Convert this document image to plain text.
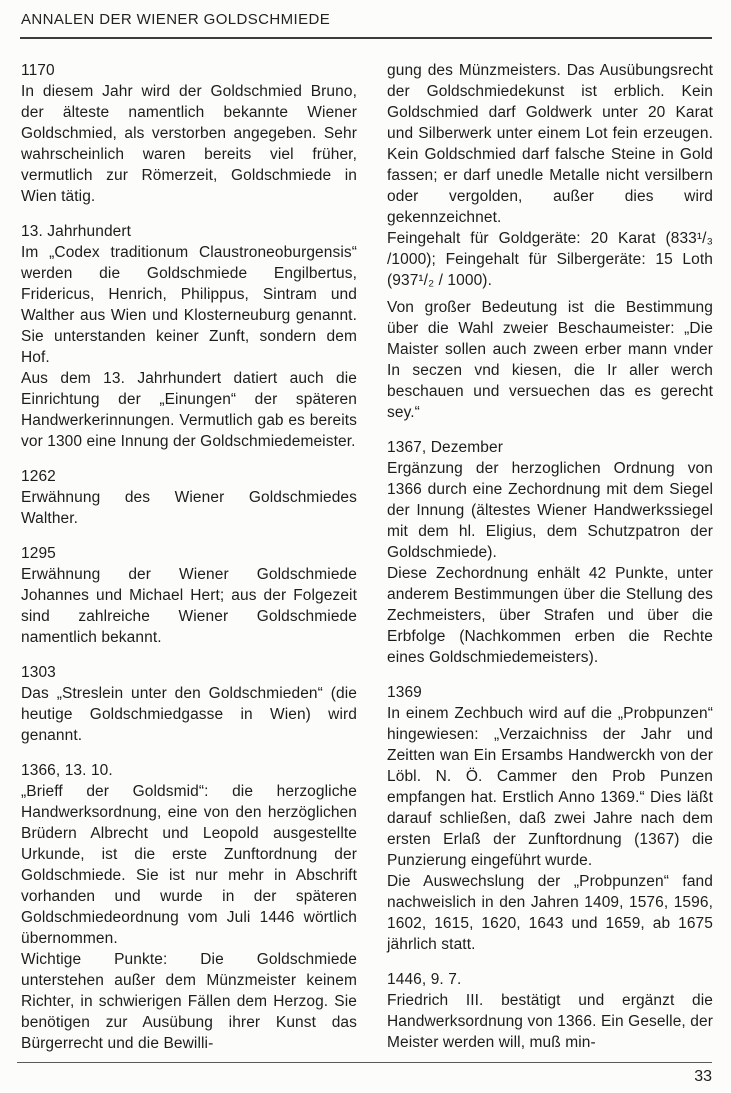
ANNALEN DER WIENER GOLDSCHMIEDE
1170

In diesem Jahr wird der Goldschmied Bruno, der älteste namentlich bekannte Wiener Goldschmied, als verstorben angegeben. Sehr wahrscheinlich waren bereits viel früher, vermutlich zur Römerzeit, Goldschmiede in Wien tätig.

13. Jahrhundert

Im „Codex traditionum Claustroneoburgensis“ werden die Goldschmiede Engilbertus, Fridericus, Henrich, Philippus, Sintram und Walther aus Wien und Klosterneuburg genannt. Sie unterstanden keiner Zunft, sondern dem Hof.

Aus dem 13. Jahrhundert datiert auch die Einrichtung der „Einungen“ der späteren Handwerkerinnungen. Vermutlich gab es bereits vor 1300 eine Innung der Goldschmiedemeister.

1262

Erwähnung des Wiener Goldschmiedes Walther.

1295

Erwähnung der Wiener Goldschmiede Johannes und Michael Hert; aus der Folgezeit sind zahlreiche Wiener Goldschmiede namentlich bekannt.

1303

Das „Streslein unter den Goldschmieden“ (die heutige Goldschmiedgasse in Wien) wird genannt.

1366, 13. 10.

„Brieff der Goldsmid“: die herzogliche Handwerksordnung, eine von den herzöglichen Brüdern Albrecht und Leopold ausgestellte Urkunde, ist die erste Zunftordnung der Goldschmiede. Sie ist nur mehr in Abschrift vorhanden und wurde in der späteren Goldschmiedeordnung vom Juli 1446 wörtlich übernommen.

Wichtige Punkte: Die Goldschmiede unterstehen außer dem Münzmeister keinem Richter, in schwierigen Fällen dem Herzog. Sie benötigen zur Ausübung ihrer Kunst das Bürgerrecht und die Bewilli-

gung des Münzmeisters. Das Ausübungsrecht der Goldschmiedekunst ist erblich. Kein Goldschmied darf Goldwerk unter 20 Karat und Silberwerk unter einem Lot fein erzeugen. Kein Goldschmied darf falsche Steine in Gold fassen; er darf unedle Metalle nicht versilbern oder vergolden, außer dies wird gekennzeichnet.

Feingehalt für Goldgeräte: 20 Karat (833¹/₃ /1000); Feingehalt für Silbergeräte: 15 Loth (937¹/₂ / 1000).

Von großer Bedeutung ist die Bestimmung über die Wahl zweier Beschaumeister: „Die Maister sollen auch zween erber mann vnder In seczen vnd kiesen, die Ir aller werch beschauen und versuechen das es gerecht sey.“

1367, Dezember

Ergänzung der herzoglichen Ordnung von 1366 durch eine Zechordnung mit dem Siegel der Innung (ältestes Wiener Handwerkssiegel mit dem hl. Eligius, dem Schutzpatron der Goldschmiede).

Diese Zechordnung enhält 42 Punkte, unter anderem Bestimmungen über die Stellung des Zechmeisters, über Strafen und über die Erbfolge (Nachkommen erben die Rechte eines Goldschmiedemeisters).

1369

In einem Zechbuch wird auf die „Probpunzen“ hingewiesen: „Verzaichniss der Jahr und Zeitten wan Ein Ersambs Handwerckh von der Löbl. N. Ö. Cammer den Prob Punzen empfangen hat. Erstlich Anno 1369.“ Dies läßt darauf schließen, daß zwei Jahre nach dem ersten Erlaß der Zunftordnung (1367) die Punzierung eingeführt wurde.

Die Auswechslung der „Probpunzen“ fand nachweislich in den Jahren 1409, 1576, 1596, 1602, 1615, 1620, 1643 und 1659, ab 1675 jährlich statt.

1446, 9. 7.

Friedrich III. bestätigt und ergänzt die Handwerksordnung von 1366. Ein Geselle, der Meister werden will, muß min-

33
